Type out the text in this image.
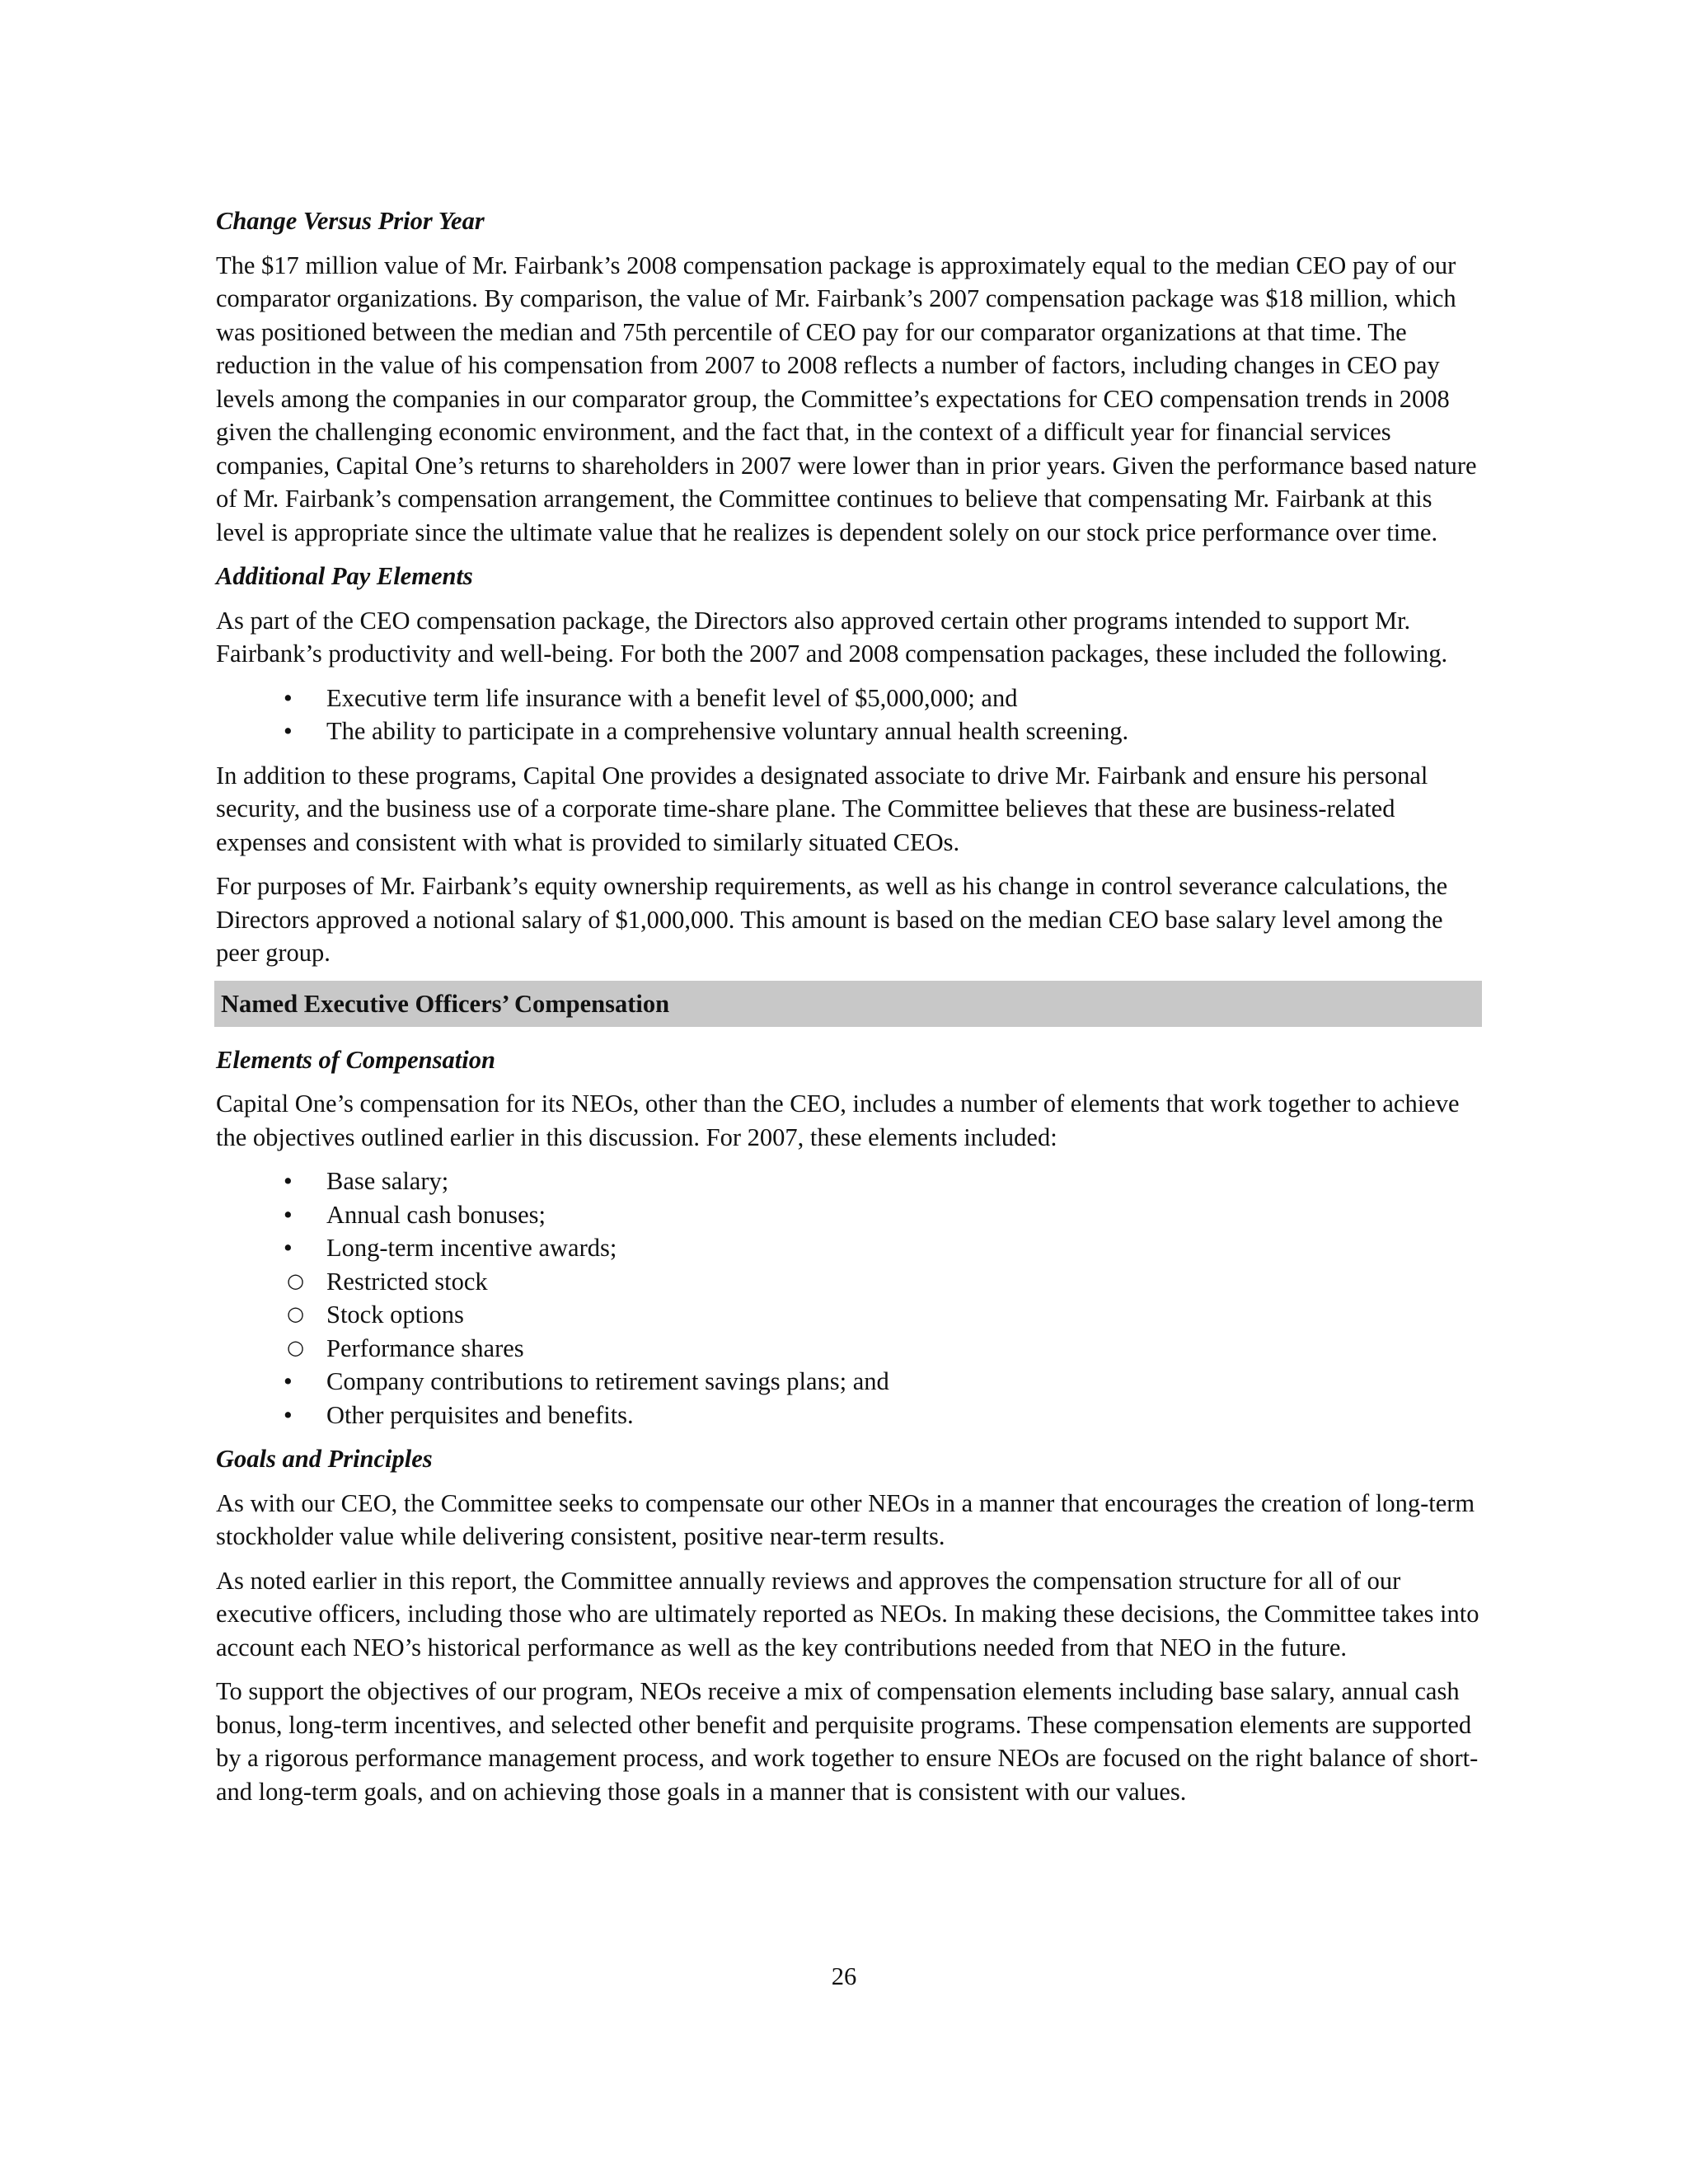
Change Versus Prior Year

The $17 million value of Mr. Fairbank’s 2008 compensation package is approximately equal to the median CEO pay of our comparator organizations. By comparison, the value of Mr. Fairbank’s 2007 compensation package was $18 million, which was positioned between the median and 75th percentile of CEO pay for our comparator organizations at that time. The reduction in the value of his compensation from 2007 to 2008 reflects a number of factors, including changes in CEO pay levels among the companies in our comparator group, the Committee’s expectations for CEO compensation trends in 2008 given the challenging economic environment, and the fact that, in the context of a difficult year for financial services companies, Capital One’s returns to shareholders in 2007 were lower than in prior years. Given the performance based nature of Mr. Fairbank’s compensation arrangement, the Committee continues to believe that compensating Mr. Fairbank at this level is appropriate since the ultimate value that he realizes is dependent solely on our stock price performance over time.

Additional Pay Elements

As part of the CEO compensation package, the Directors also approved certain other programs intended to support Mr. Fairbank’s productivity and well-being. For both the 2007 and 2008 compensation packages, these included the following.

• Executive term life insurance with a benefit level of $5,000,000; and
• The ability to participate in a comprehensive voluntary annual health screening.

In addition to these programs, Capital One provides a designated associate to drive Mr. Fairbank and ensure his personal security, and the business use of a corporate time-share plane. The Committee believes that these are business-related expenses and consistent with what is provided to similarly situated CEOs.

For purposes of Mr. Fairbank’s equity ownership requirements, as well as his change in control severance calculations, the Directors approved a notional salary of $1,000,000. This amount is based on the median CEO base salary level among the peer group.

Named Executive Officers’ Compensation
Elements of Compensation

Capital One’s compensation for its NEOs, other than the CEO, includes a number of elements that work together to achieve the objectives outlined earlier in this discussion. For 2007, these elements included:

• Base salary;
• Annual cash bonuses;
• Long-term incentive awards;
○ Restricted stock
○ Stock options
○ Performance shares
• Company contributions to retirement savings plans; and
• Other perquisites and benefits.
Goals and Principles

As with our CEO, the Committee seeks to compensate our other NEOs in a manner that encourages the creation of long-term stockholder value while delivering consistent, positive near-term results.

As noted earlier in this report, the Committee annually reviews and approves the compensation structure for all of our executive officers, including those who are ultimately reported as NEOs. In making these decisions, the Committee takes into account each NEO’s historical performance as well as the key contributions needed from that NEO in the future.

To support the objectives of our program, NEOs receive a mix of compensation elements including base salary, annual cash bonus, long-term incentives, and selected other benefit and perquisite programs. These compensation elements are supported by a rigorous performance management process, and work together to ensure NEOs are focused on the right balance of short- and long-term goals, and on achieving those goals in a manner that is consistent with our values.

26
